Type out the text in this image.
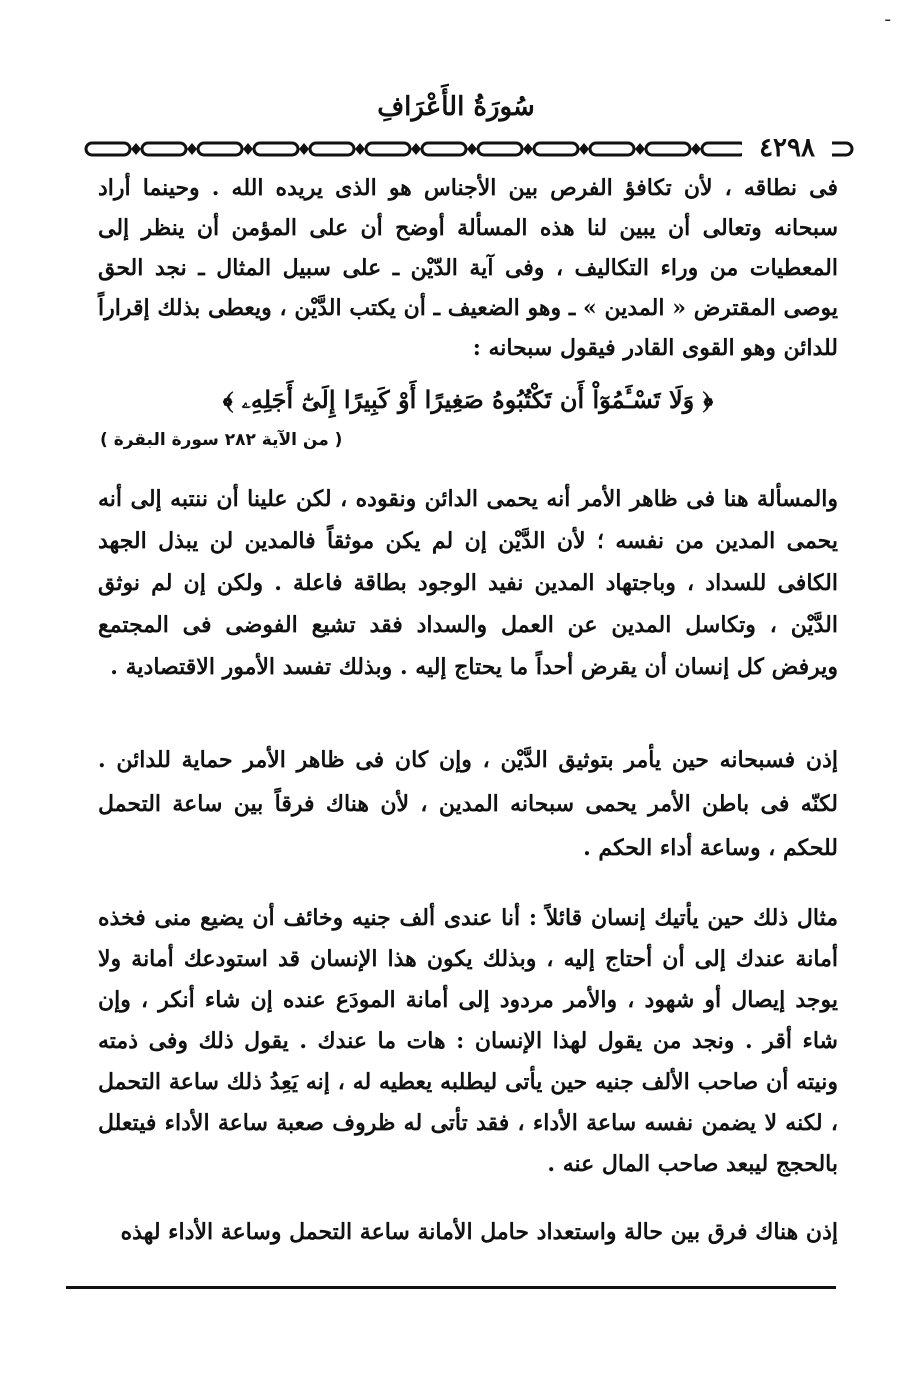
ـ
سُورَةُ الأَعْرَافِ
٤٢٩٨

فى نطاقه ، لأن تكافؤ الفرص بين الأجناس هو الذى يريده الله . وحينما أراد سبحانه وتعالى أن يبين لنا هذه المسألة أوضح أن على المؤمن أن ينظر إلى المعطيات من وراء التكاليف ، وفى آية الدّيْن ـ على سبيل المثال ـ نجد الحق يوصى المقترض « المدين » ـ وهو الضعيف ـ أن يكتب الدَّيْن ، ويعطى بذلك إقراراً للدائن وهو القوى القادر فيقول سبحانه :

﴿ وَلَا تَسْـَٔمُوٓاْ أَن تَكْتُبُوهُ صَغِيرًا أَوْ كَبِيرًا إِلَىٰٓ أَجَلِهِۦ ﴾
( من الآية ٢٨٢ سورة البقرة )

والمسألة هنا فى ظاهر الأمر أنه يحمى الدائن ونقوده ، لكن علينا أن ننتبه إلى أنه يحمى المدين من نفسه ؛ لأن الدَّيْن إن لم يكن موثقاً فالمدين لن يبذل الجهد الكافى للسداد ، وباجتهاد المدين نفيد الوجود بطاقة فاعلة . ولكن إن لم نوثق الدَّيْن ، وتكاسل المدين عن العمل والسداد فقد تشيع الفوضى فى المجتمع ويرفض كل إنسان أن يقرض أحداً ما يحتاج إليه . وبذلك تفسد الأمور الاقتصادية .

إذن فسبحانه حين يأمر بتوثيق الدَّيْن ، وإن كان فى ظاهر الأمر حماية للدائن . لكنّه فى باطن الأمر يحمى سبحانه المدين ، لأن هناك فرقاً بين ساعة التحمل للحكم ، وساعة أداء الحكم .

مثال ذلك حين يأتيك إنسان قائلاً : أنا عندى ألف جنيه وخائف أن يضيع منى فخذه أمانة عندك إلى أن أحتاج إليه ، وبذلك يكون هذا الإنسان قد استودعك أمانة ولا يوجد إيصال أو شهود ، والأمر مردود إلى أمانة المودَع عنده إن شاء أنكر ، وإن شاء أقر . ونجد من يقول لهذا الإنسان : هات ما عندك . يقول ذلك وفى ذمته ونيته أن صاحب الألف جنيه حين يأتى ليطلبه يعطيه له ، إنه يَعِدُ ذلك ساعة التحمل ، لكنه لا يضمن نفسه ساعة الأداء ، فقد تأتى له ظروف صعبة ساعة الأداء فيتعلل بالحجج ليبعد صاحب المال عنه .

إذن هناك فرق بين حالة واستعداد حامل الأمانة ساعة التحمل وساعة الأداء لهذه
